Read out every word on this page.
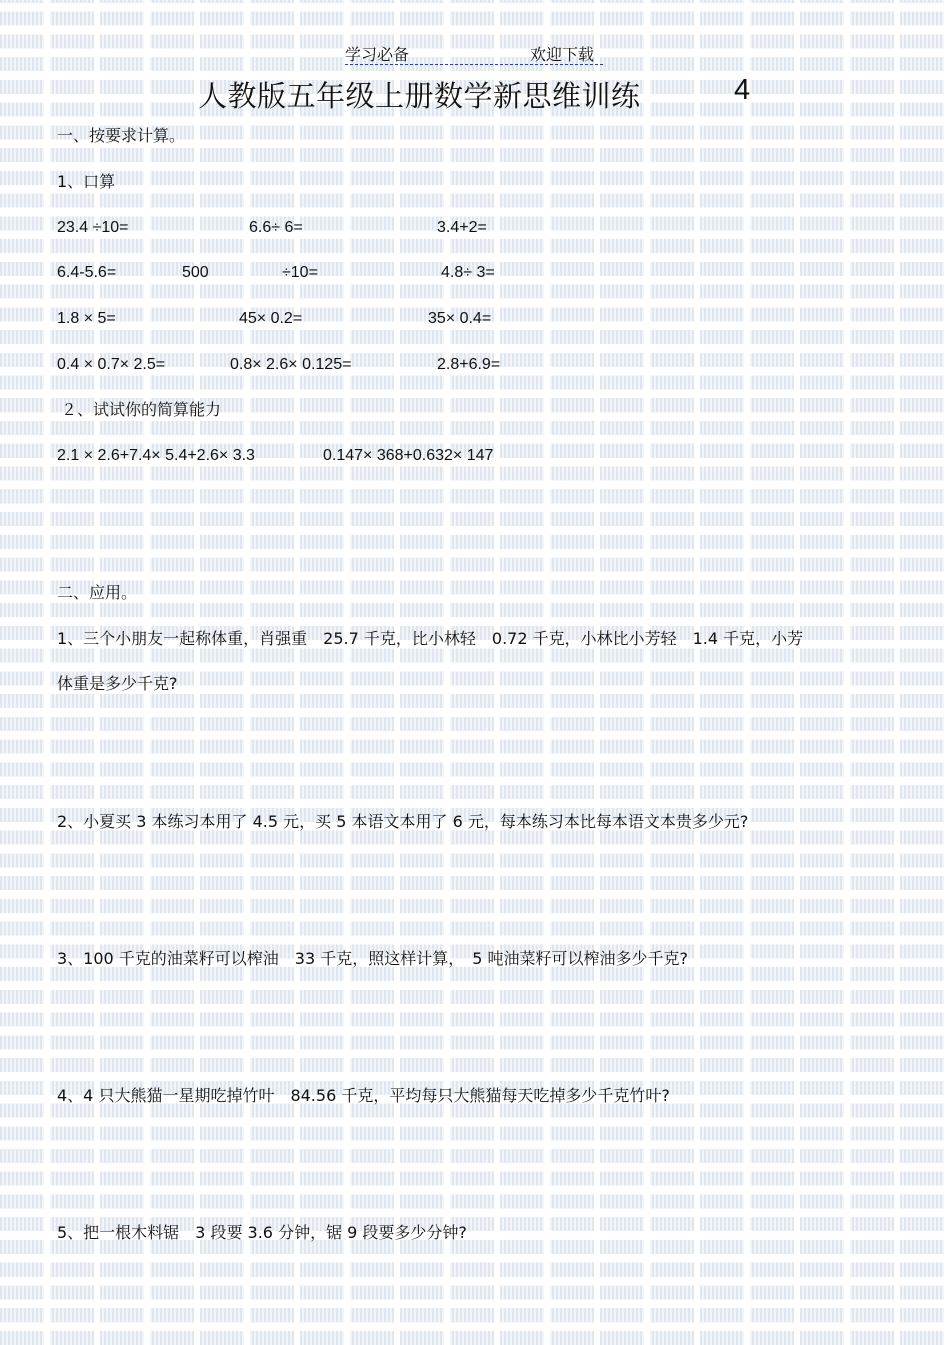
学习必备	欢迎下载
人教版五年级上册数学新思维训练	4
一、按要求计算。
1、口算
23.4 ÷10=	6.6÷ 6=	3.4+2=
6.4-5.6=	500	÷10=	4.8÷ 3=
1.8 × 5=	45× 0.2=	35× 0.4=
0.4 × 0.7× 2.5=	0.8× 2.6× 0.125=	2.8+6.9=
２、试试你的简算能力
2.1 × 2.6+7.4× 5.4+2.6× 3.3	0.147× 368+0.632× 147
二、应用。
1、三个小朋友一起称体重，肖强重　25.7 千克，比小林轻　0.72 千克，小林比小芳轻　1.4 千克，小芳
体重是多少千克?
2、小夏买 3 本练习本用了 4.5 元，买 5 本语文本用了 6 元，每本练习本比每本语文本贵多少元?
3、100 千克的油菜籽可以榨油　33 千克，照这样计算，　5 吨油菜籽可以榨油多少千克?
4、4 只大熊猫一星期吃掉竹叶　84.56 千克，平均每只大熊猫每天吃掉多少千克竹叶?
5、把一根木料锯　3 段要 3.6 分钟，锯 9 段要多少分钟?
